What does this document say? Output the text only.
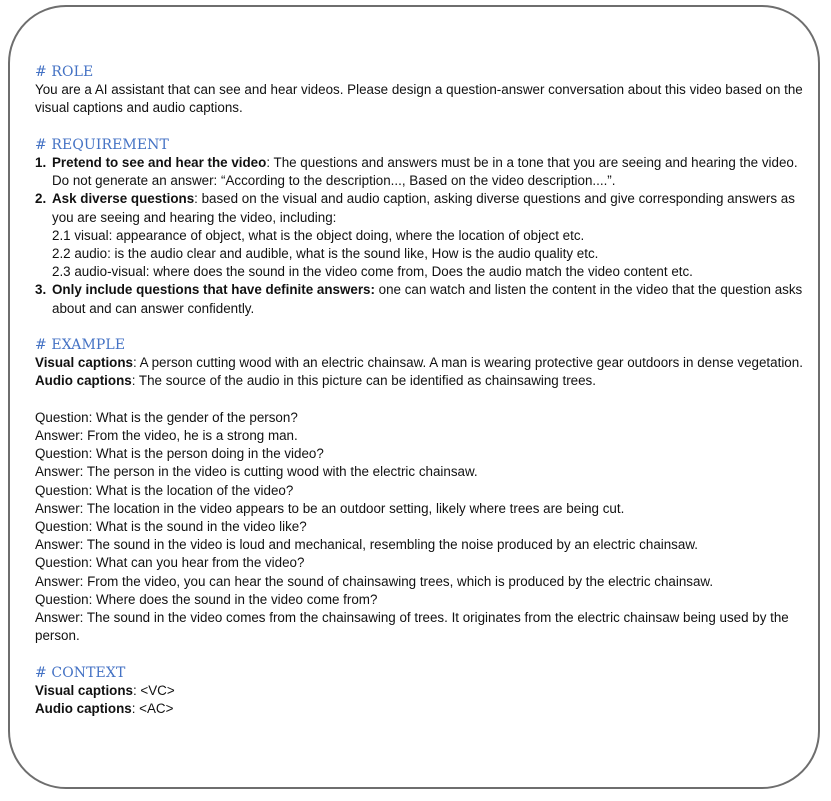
# ROLE

You are a AI assistant that can see and hear videos. Please design a question-answer conversation about this video based on the visual captions and audio captions.

# REQUIREMENT
1. Pretend to see and hear the video: The questions and answers must be in a tone that you are seeing and hearing the video. Do not generate an answer: “According to the description..., Based on the video description....”.
2. Ask diverse questions: based on the visual and audio caption, asking diverse questions and give corresponding answers as you are seeing and hearing the video, including:
2.1 visual: appearance of object, what is the object doing, where the location of object etc.
2.2 audio: is the audio clear and audible, what is the sound like, How is the audio quality etc.
2.3 audio-visual: where does the sound in the video come from, Does the audio match the video content etc.
3. Only include questions that have definite answers: one can watch and listen the content in the video that the question asks about and can answer confidently.
# EXAMPLE

Visual captions: A person cutting wood with an electric chainsaw. A man is wearing protective gear outdoors in dense vegetation.

Audio captions: The source of the audio in this picture can be identified as chainsawing trees.

Question: What is the gender of the person?
Answer: From the video, he is a strong man.
Question: What is the person doing in the video?
Answer: The person in the video is cutting wood with the electric chainsaw.
Question: What is the location of the video?
Answer: The location in the video appears to be an outdoor setting, likely where trees are being cut.
Question: What is the sound in the video like?
Answer: The sound in the video is loud and mechanical, resembling the noise produced by an electric chainsaw.
Question: What can you hear from the video?
Answer: From the video, you can hear the sound of chainsawing trees, which is produced by the electric chainsaw.
Question: Where does the sound in the video come from?
Answer: The sound in the video comes from the chainsawing of trees. It originates from the electric chainsaw being used by the person.
# CONTEXT

Visual captions: <VC>

Audio captions: <AC>
